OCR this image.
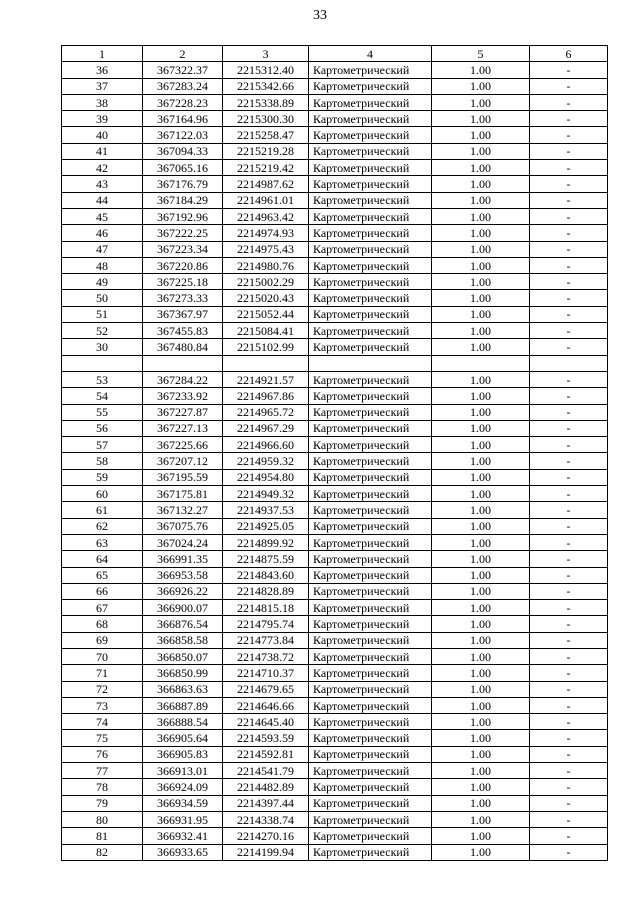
33
1	2	3	4	5	6
36	367322.37	2215312.40	Картометрический	1.00	-
37	367283.24	2215342.66	Картометрический	1.00	-
38	367228.23	2215338.89	Картометрический	1.00	-
39	367164.96	2215300.30	Картометрический	1.00	-
40	367122.03	2215258.47	Картометрический	1.00	-
41	367094.33	2215219.28	Картометрический	1.00	-
42	367065.16	2215219.42	Картометрический	1.00	-
43	367176.79	2214987.62	Картометрический	1.00	-
44	367184.29	2214961.01	Картометрический	1.00	-
45	367192.96	2214963.42	Картометрический	1.00	-
46	367222.25	2214974.93	Картометрический	1.00	-
47	367223.34	2214975.43	Картометрический	1.00	-
48	367220.86	2214980.76	Картометрический	1.00	-
49	367225.18	2215002.29	Картометрический	1.00	-
50	367273.33	2215020.43	Картометрический	1.00	-
51	367367.97	2215052.44	Картометрический	1.00	-
52	367455.83	2215084.41	Картометрический	1.00	-
30	367480.84	2215102.99	Картометрический	1.00	-

53	367284.22	2214921.57	Картометрический	1.00	-
54	367233.92	2214967.86	Картометрический	1.00	-
55	367227.87	2214965.72	Картометрический	1.00	-
56	367227.13	2214967.29	Картометрический	1.00	-
57	367225.66	2214966.60	Картометрический	1.00	-
58	367207.12	2214959.32	Картометрический	1.00	-
59	367195.59	2214954.80	Картометрический	1.00	-
60	367175.81	2214949.32	Картометрический	1.00	-
61	367132.27	2214937.53	Картометрический	1.00	-
62	367075.76	2214925.05	Картометрический	1.00	-
63	367024.24	2214899.92	Картометрический	1.00	-
64	366991.35	2214875.59	Картометрический	1.00	-
65	366953.58	2214843.60	Картометрический	1.00	-
66	366926.22	2214828.89	Картометрический	1.00	-
67	366900.07	2214815.18	Картометрический	1.00	-
68	366876.54	2214795.74	Картометрический	1.00	-
69	366858.58	2214773.84	Картометрический	1.00	-
70	366850.07	2214738.72	Картометрический	1.00	-
71	366850.99	2214710.37	Картометрический	1.00	-
72	366863.63	2214679.65	Картометрический	1.00	-
73	366887.89	2214646.66	Картометрический	1.00	-
74	366888.54	2214645.40	Картометрический	1.00	-
75	366905.64	2214593.59	Картометрический	1.00	-
76	366905.83	2214592.81	Картометрический	1.00	-
77	366913.01	2214541.79	Картометрический	1.00	-
78	366924.09	2214482.89	Картометрический	1.00	-
79	366934.59	2214397.44	Картометрический	1.00	-
80	366931.95	2214338.74	Картометрический	1.00	-
81	366932.41	2214270.16	Картометрический	1.00	-
82	366933.65	2214199.94	Картометрический	1.00	-
